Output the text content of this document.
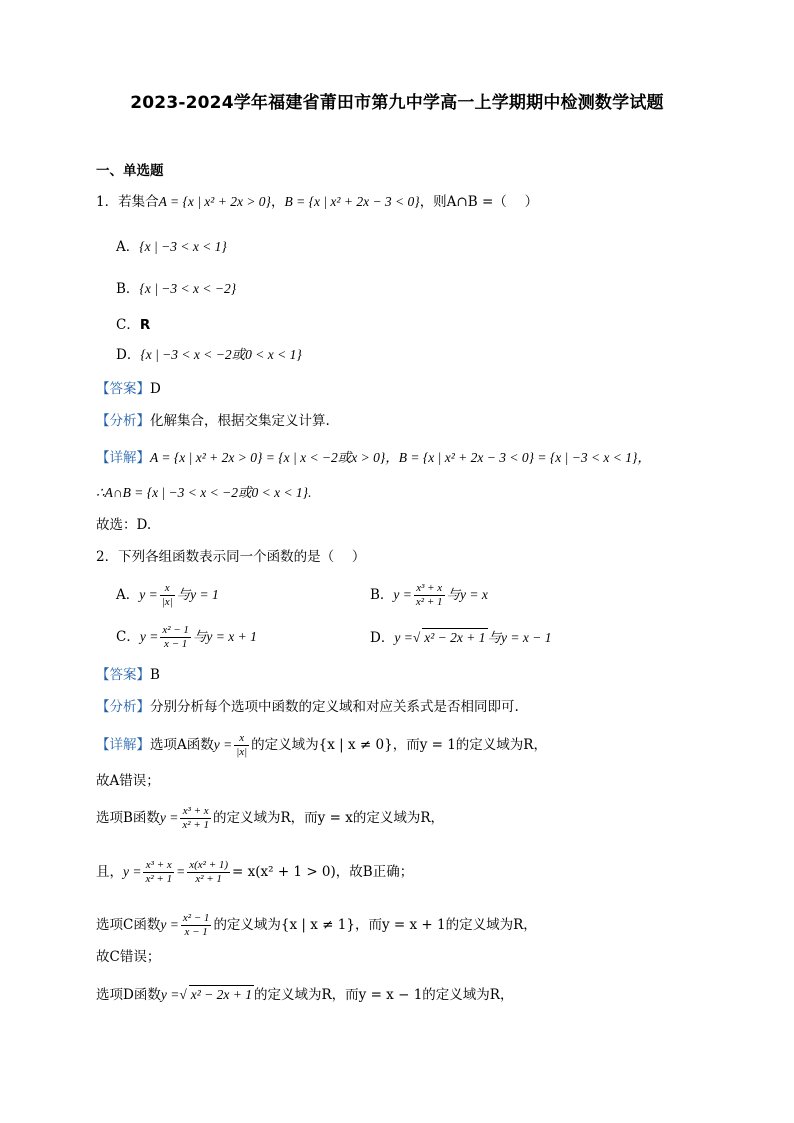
2023-2024学年福建省莆田市第九中学高一上学期期中检测数学试题
一、单选题
1．若集合A = {x | x² + 2x > 0}，B = {x | x² + 2x − 3 < 0}，则A∩B =（　 ）
A．{x | −3 < x < 1}
B．{x | −3 < x < −2}
C．R
D．{x | −3 < x < −2或0 < x < 1}
【答案】D
【分析】化解集合，根据交集定义计算.
【详解】A = {x | x² + 2x > 0} = {x | x < −2或x > 0}，B = {x | x² + 2x − 3 < 0} = {x | −3 < x < 1}，
∴A∩B = {x | −3 < x < −2或0 < x < 1}.
故选：D.
2．下列各组函数表示同一个函数的是（　 ）
A．$y = \frac{x}{|x|}$ 与y = 1	B．$y = \frac{\text{x³ + x}}{\text{x² + 1}}$ 与y = x
C．$y = \frac{\text{x² − 1}}{x - 1}$ 与y = x + 1	D．y =√ x² − 2x + 1 与y = x − 1
【答案】B
【分析】分别分析每个选项中函数的定义域和对应关系式是否相同即可.
【详解】选项A函数$y = \frac{x}{|x|}$ 的定义域为{x | x ≠ 0}，而y = 1的定义域为R，
故A错误；
选项B函数$y = \frac{\text{x³ + x}}{\text{x² + 1}}$ 的定义域为R，而y = x的定义域为R，
且，$y = \frac{\text{x³ + x}}{\text{x² + 1}} = \frac{\text{x(x² + 1)}}{\text{x² + 1}} = x(x^2 + 1 > 0)$，故B正确；
选项C函数$y = \frac{\text{x² − 1}}{x - 1}$ 的定义域为{x | x ≠ 1}，而y = x + 1的定义域为R，
故C错误；
选项D函数y =√ x² − 2x + 1 的定义域为R，而y = x − 1的定义域为R，
